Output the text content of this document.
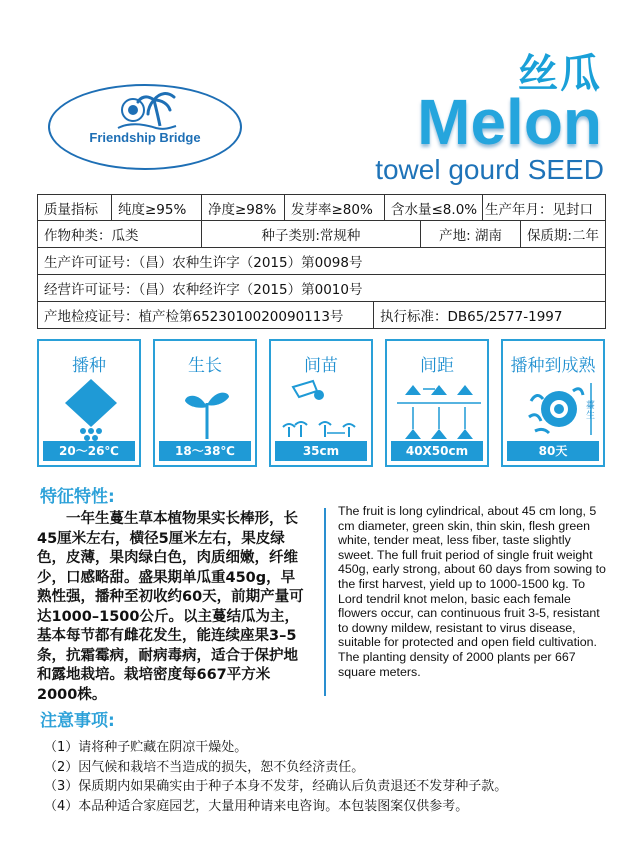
Friendship Bridge
丝瓜
Melon
towel gourd SEED
质量指标	纯度≥95%	净度≥98%	发芽率≥80%	含水量≤8.0% 生产年月：见封口
作物种类：瓜类	种子类别:常规种	产地: 湖南	保质期:二年
生产许可证号：（昌）农种生许字（2015）第0098号
经营许可证号：（昌）农种经许字（2015）第0010号
产地检疫证号：植产检第6523010020090113号	执行标准：DB65/2577-1997
播种
20～26℃
生长
18～38℃
间苗
35cm
间距
40X50cm
播种到成熟
薹生
80天
特征特性:
一年生蔓生草本植物果实长棒形，长45厘米左右，横径5厘米左右，果皮绿色，皮薄，果肉绿白色，肉质细嫩，纤维少，口感略甜。盛果期单瓜重450g，早熟性强，播种至初收约60天，前期产量可达1000–1500公斤。以主蔓结瓜为主，基本每节都有雌花发生，能连续座果3–5条，抗霜霉病，耐病毒病，适合于保护地和露地栽培。栽培密度每667平方米2000株。
The fruit is long cylindrical, about 45 cm long, 5 cm diameter, green skin, thin skin, flesh green white, tender meat, less fiber, taste slightly sweet. The full fruit period of single fruit weight 450g, early strong, about 60 days from sowing to the first harvest, yield up to 1000-1500 kg. To Lord tendril knot melon, basic each female flowers occur, can continuous fruit 3-5, resistant to downy mildew, resistant to virus disease, suitable for protected and open field cultivation. The planting density of 2000 plants per 667 square meters.
注意事项:
（1）请将种子贮藏在阴凉干燥处。
（2）因气候和栽培不当造成的损失，恕不负经济责任。
（3）保质期内如果确实由于种子本身不发芽，经确认后负责退还不发芽种子款。
（4）本品种适合家庭园艺，大量用种请来电咨询。本包装图案仅供参考。
